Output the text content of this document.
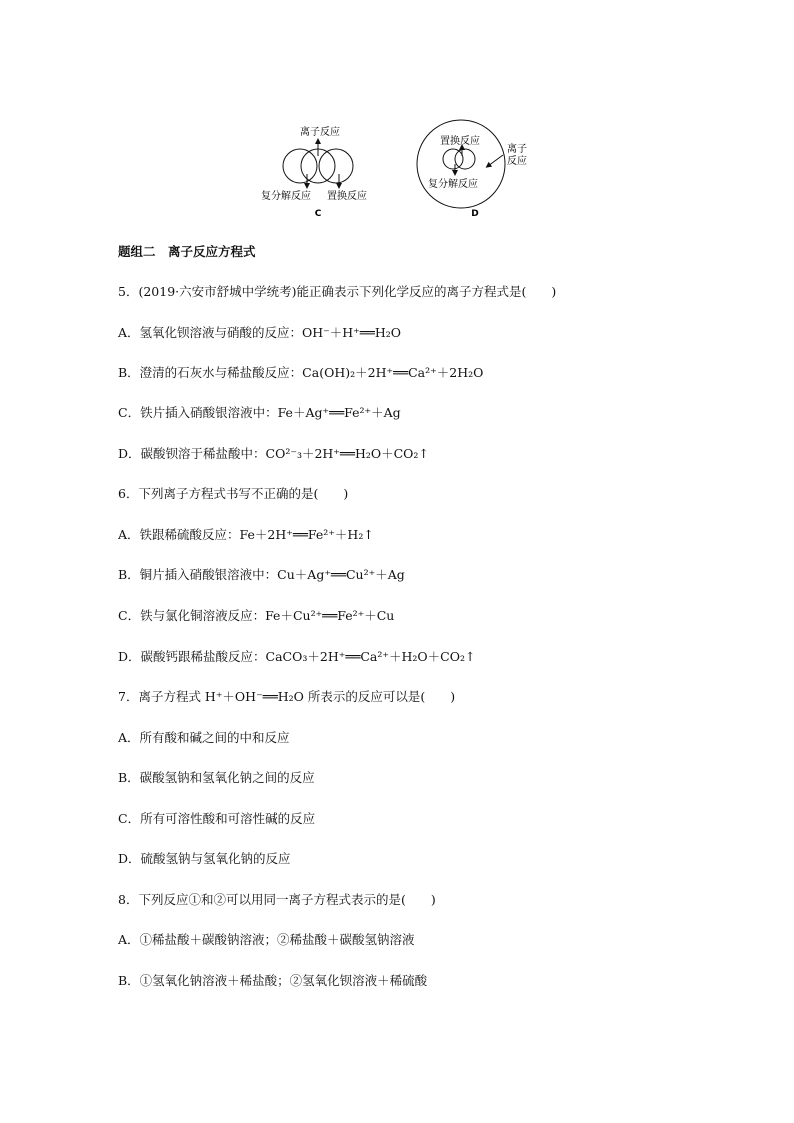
离子反应
复分解反应 置换反应
C
置换反应
复分解反应
离子
反应
D
题组二　离子反应方程式
5．(2019·六安市舒城中学统考)能正确表示下列化学反应的离子方程式是(　　)
A．氢氧化钡溶液与硝酸的反应：OH⁻＋H⁺══H₂O
B．澄清的石灰水与稀盐酸反应：Ca(OH)₂＋2H⁺══Ca²⁺＋2H₂O
C．铁片插入硝酸银溶液中：Fe＋Ag⁺══Fe²⁺＋Ag
D．碳酸钡溶于稀盐酸中：CO²⁻₃＋2H⁺══H₂O＋CO₂↑
6．下列离子方程式书写不正确的是(　　)
A．铁跟稀硫酸反应：Fe＋2H⁺══Fe²⁺＋H₂↑
B．铜片插入硝酸银溶液中：Cu＋Ag⁺══Cu²⁺＋Ag
C．铁与氯化铜溶液反应：Fe＋Cu²⁺══Fe²⁺＋Cu
D．碳酸钙跟稀盐酸反应：CaCO₃＋2H⁺══Ca²⁺＋H₂O＋CO₂↑
7．离子方程式 H⁺＋OH⁻══H₂O 所表示的反应可以是(　　)
A．所有酸和碱之间的中和反应
B．碳酸氢钠和氢氧化钠之间的反应
C．所有可溶性酸和可溶性碱的反应
D．硫酸氢钠与氢氧化钠的反应
8．下列反应①和②可以用同一离子方程式表示的是(　　)
A．①稀盐酸＋碳酸钠溶液；②稀盐酸＋碳酸氢钠溶液
B．①氢氧化钠溶液＋稀盐酸；②氢氧化钡溶液＋稀硫酸
